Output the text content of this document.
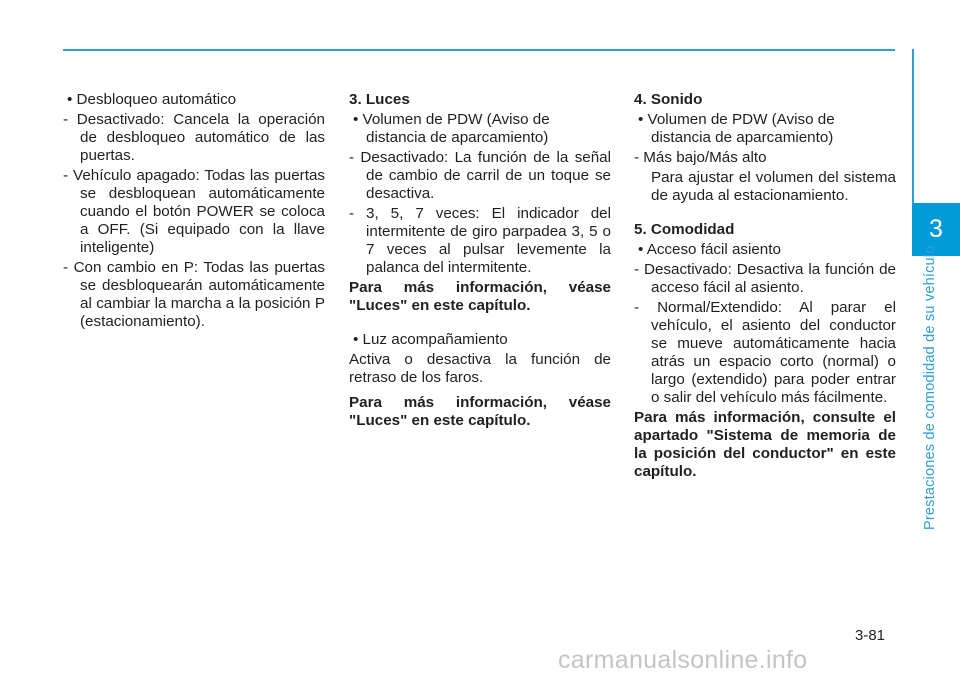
3
Prestaciones de comodidad de su vehículo

• Desbloqueo automático

- Desactivado: Cancela la operación de desbloqueo automático de las puertas.

- Vehículo apagado: Todas las puertas se desbloquean automáticamente cuando el botón POWER se coloca a OFF. (Si equipado con la llave inteligente)

- Con cambio en P: Todas las puertas se desbloquearán automáticamente al cambiar la marcha a la posición P (estacionamiento).

3. Luces

• Volumen de PDW (Aviso de distancia de aparcamiento)

- Desactivado: La función de la señal de cambio de carril de un toque se desactiva.

- 3, 5, 7 veces: El indicador del intermitente de giro parpadea 3, 5 o 7 veces al pulsar levemente la palanca del intermitente.

Para más información, véase "Luces" en este capítulo.

• Luz acompañamiento

Activa o desactiva la función de retraso de los faros.

Para más información, véase "Luces" en este capítulo.

4. Sonido

• Volumen de PDW (Aviso de distancia de aparcamiento)

- Más bajo/Más alto

Para ajustar el volumen del sistema de ayuda al estacionamiento.

5. Comodidad

• Acceso fácil asiento

- Desactivado: Desactiva la función de acceso fácil al asiento.

- Normal/Extendido: Al parar el vehículo, el asiento del conductor se mueve automáticamente hacia atrás un espacio corto (normal) o largo (extendido) para poder entrar o salir del vehículo más fácilmente.

Para más información, consulte el apartado "Sistema de memoria de la posición del conductor" en este capítulo.

3-81
carmanualsonline.info
